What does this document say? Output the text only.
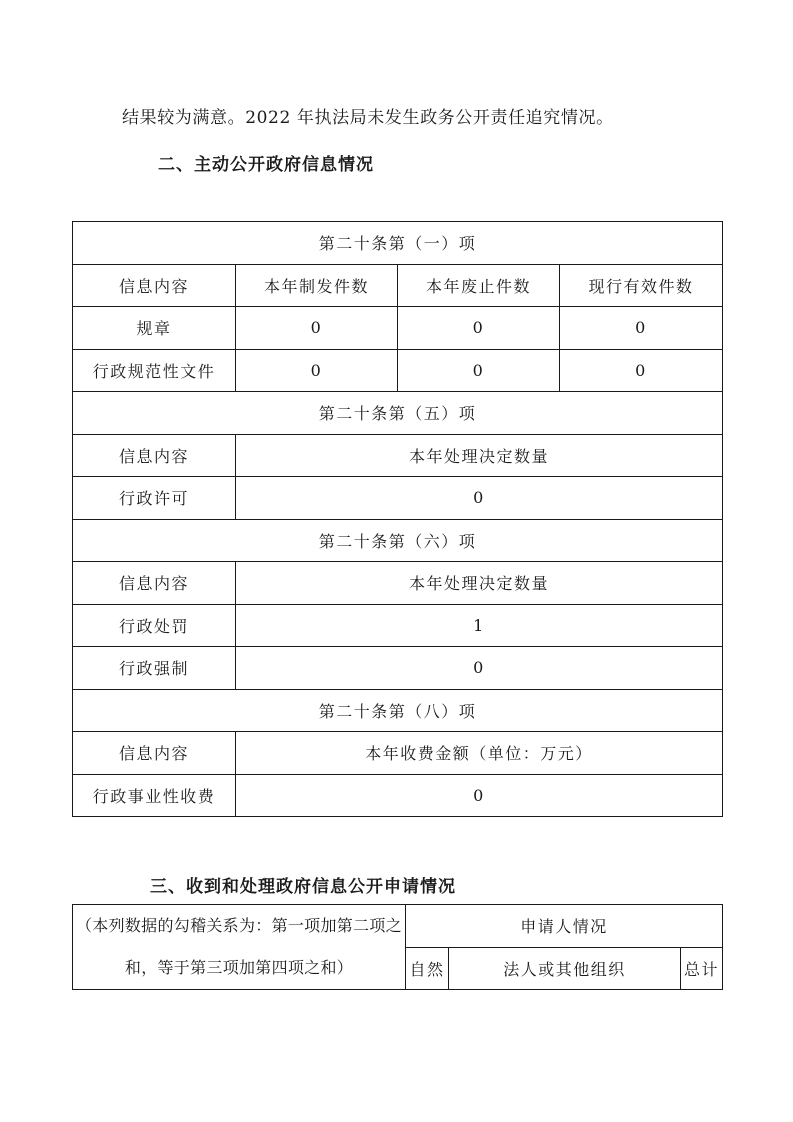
结果较为满意。2022 年执法局未发生政务公开责任追究情况。
二、主动公开政府信息情况
第二十条第（一）项			
信息内容	本年制发件数	本年废止件数	现行有效件数
规章	0	0	0
行政规范性文件	0	0	0
第二十条第（五）项			
信息内容	本年处理决定数量		
行政许可	0		
第二十条第（六）项			
信息内容	本年处理决定数量		
行政处罚	1		
行政强制	0		
第二十条第（八）项			
信息内容	本年收费金额（单位：万元）		
行政事业性收费	0		
三、收到和处理政府信息公开申请情况
（本列数据的勾稽关系为：第一项加第二项之和，等于第三项加第四项之和）	申请人情况		
	自然	法人或其他组织	总计
